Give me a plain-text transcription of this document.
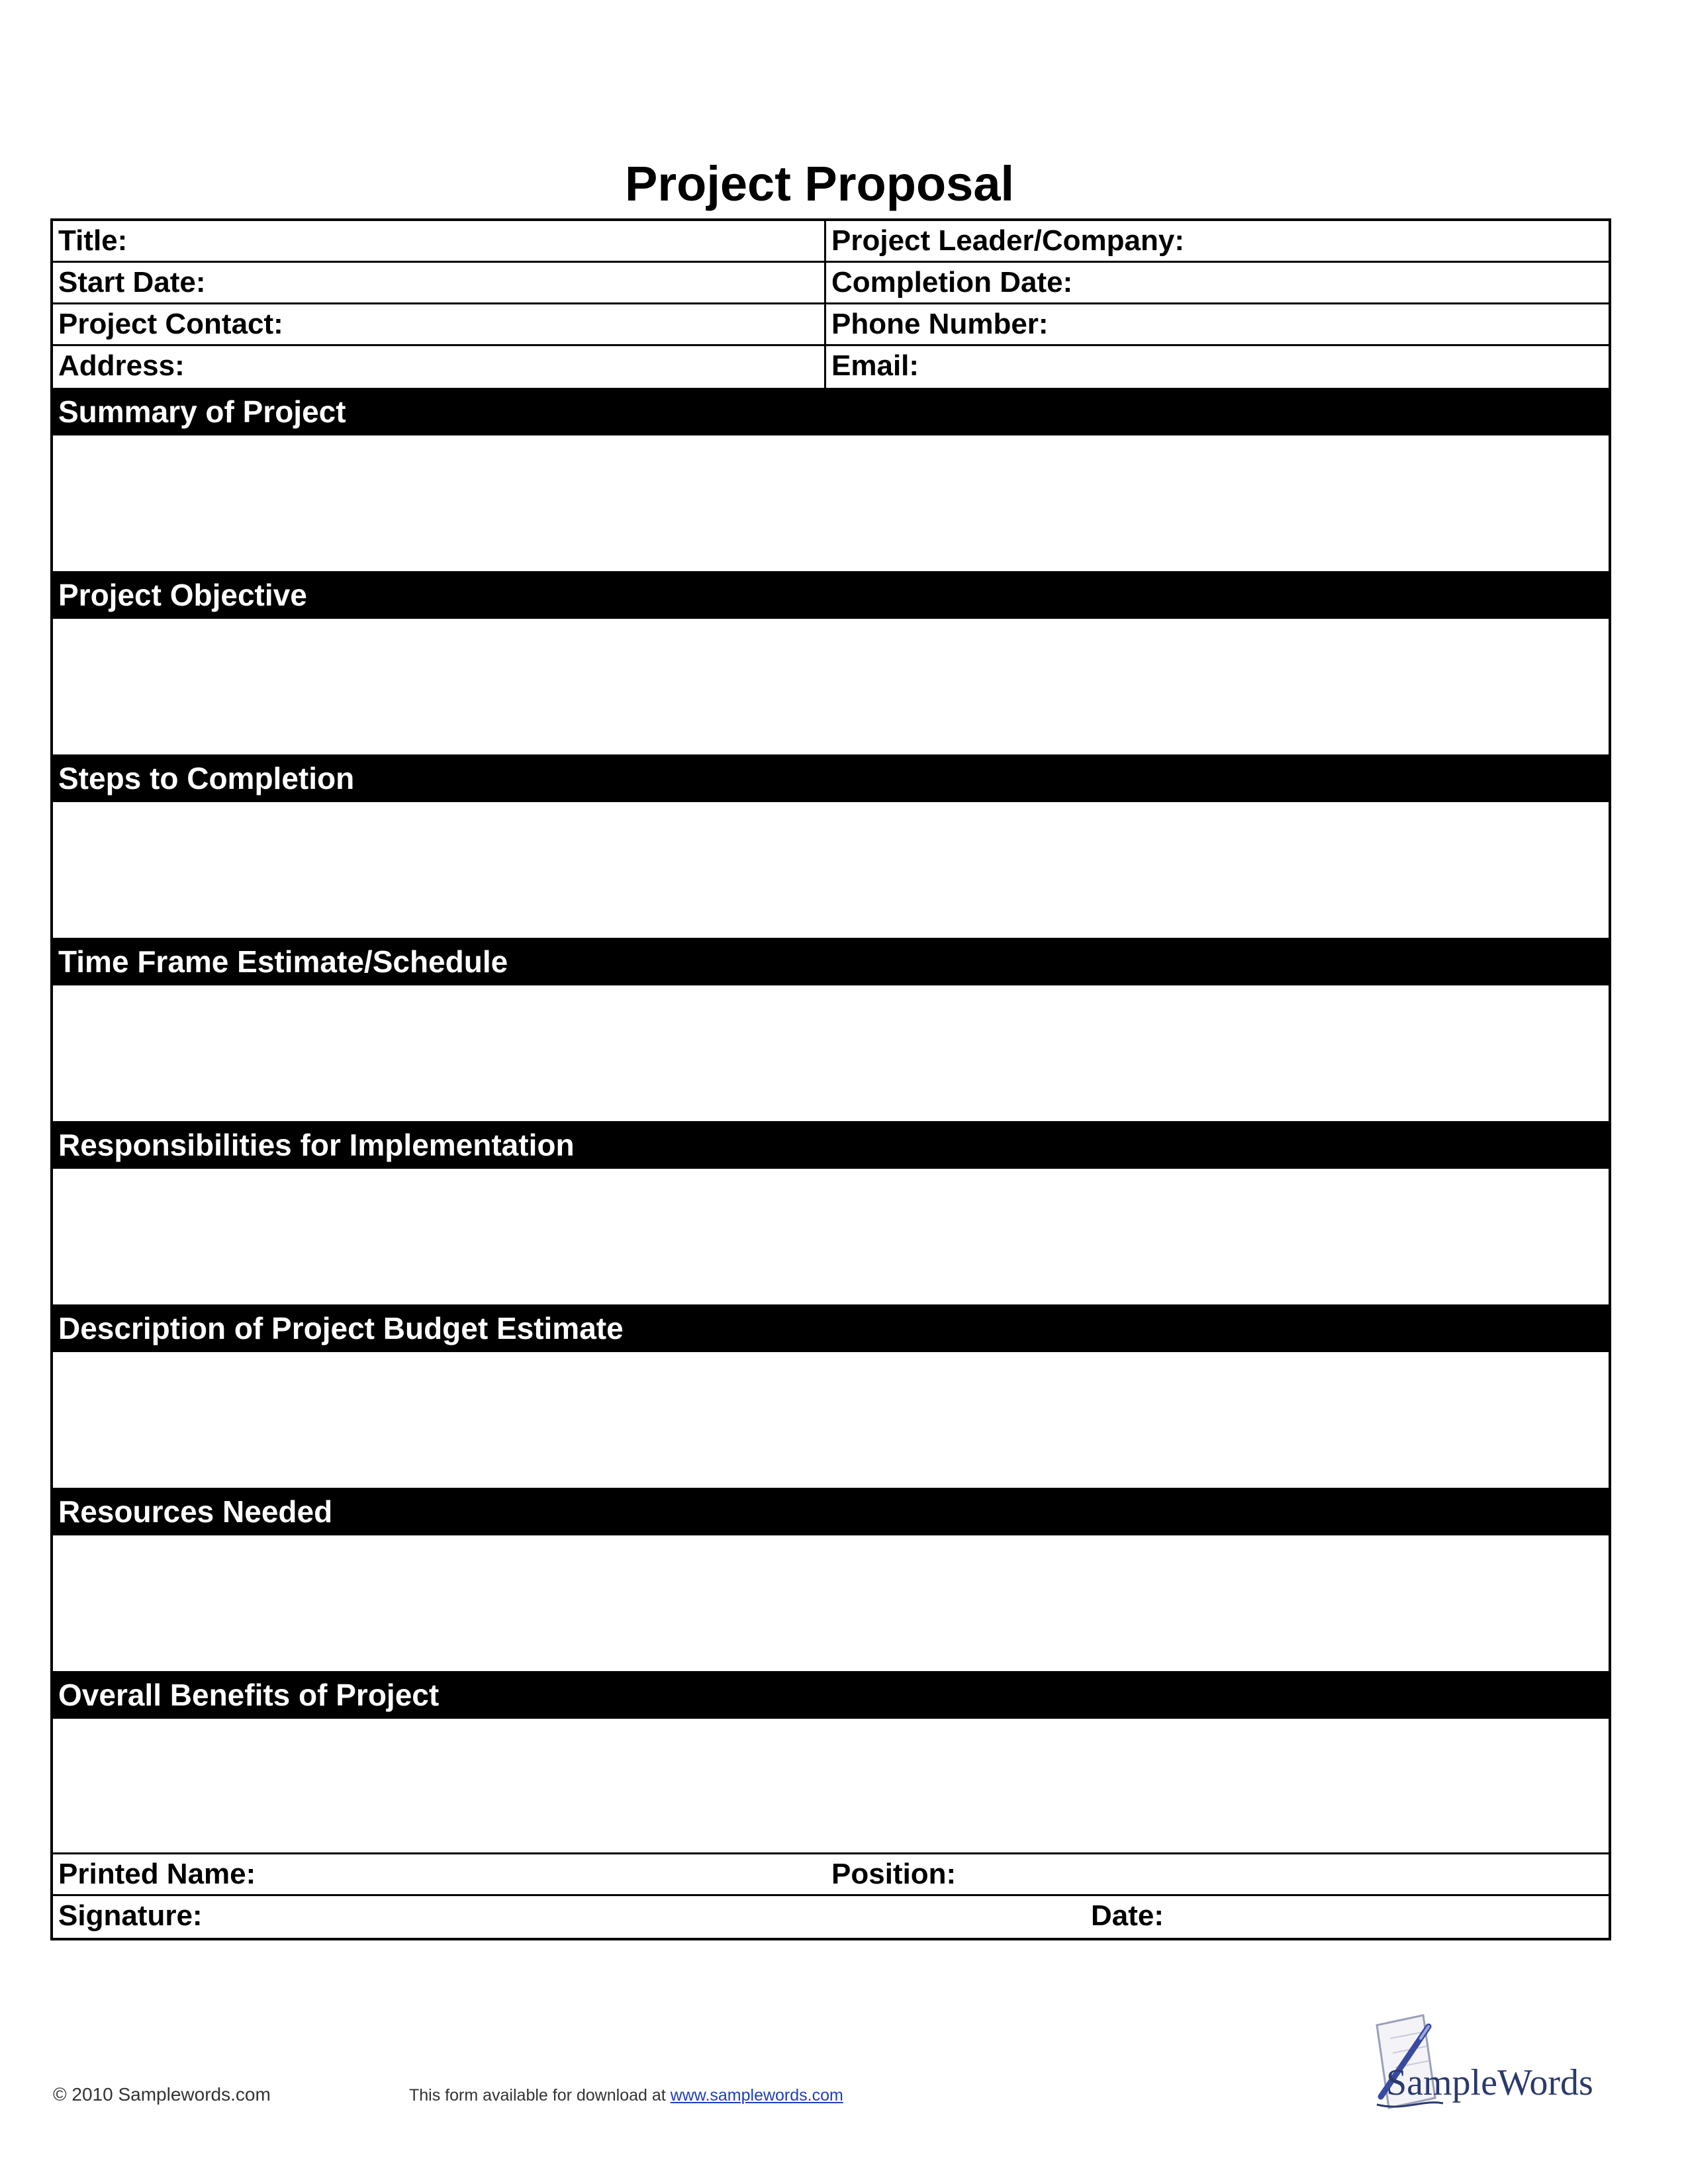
Project Proposal
Title:	Project Leader/Company:
Start Date:	Completion Date:
Project Contact:	Phone Number:
Address:	Email:
Summary of Project
Project Objective
Steps to Completion
Time Frame Estimate/Schedule
Responsibilities for Implementation
Description of Project Budget Estimate
Resources Needed
Overall Benefits of Project
Printed Name:	Position:
Signature:	Date:
© 2010 Samplewords.com	This form available for download at www.samplewords.com	SampleWords
